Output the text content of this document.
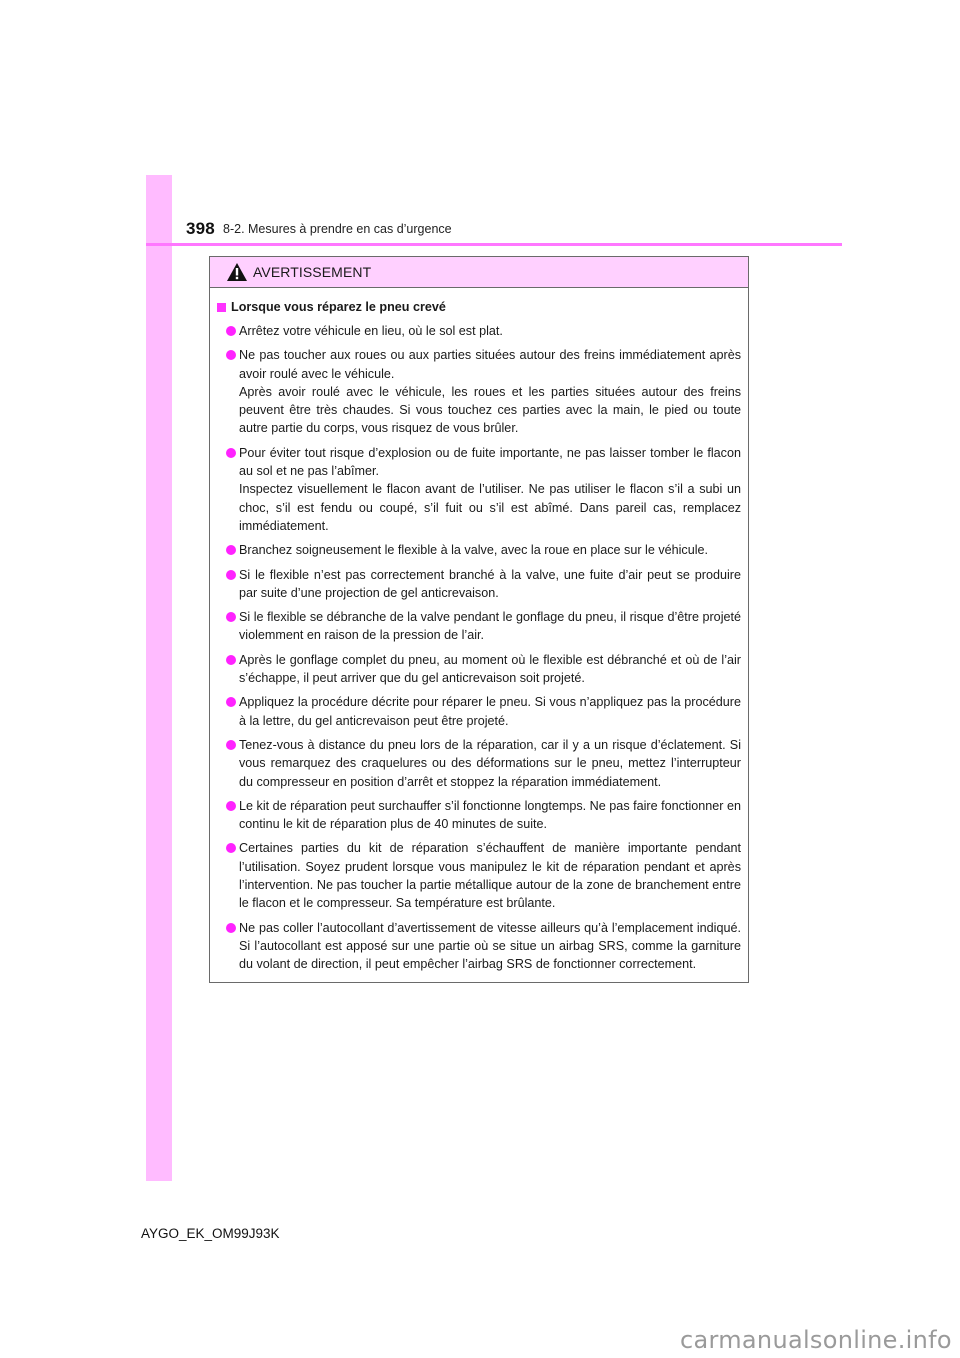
398 8-2. Mesures à prendre en cas d’urgence
AVERTISSEMENT
Lorsque vous réparez le pneu crevé

Arrêtez votre véhicule en lieu, où le sol est plat.

Ne pas toucher aux roues ou aux parties situées autour des freins immédiatement après avoir roulé avec le véhicule.

Après avoir roulé avec le véhicule, les roues et les parties situées autour des freins peuvent être très chaudes. Si vous touchez ces parties avec la main, le pied ou toute autre partie du corps, vous risquez de vous brûler.

Pour éviter tout risque d’explosion ou de fuite importante, ne pas laisser tomber le flacon au sol et ne pas l’abîmer.

Inspectez visuellement le flacon avant de l’utiliser. Ne pas utiliser le flacon s’il a subi un choc, s’il est fendu ou coupé, s’il fuit ou s’il est abîmé. Dans pareil cas, remplacez immédiatement.

Branchez soigneusement le flexible à la valve, avec la roue en place sur le véhicule.

Si le flexible n’est pas correctement branché à la valve, une fuite d’air peut se produire par suite d’une projection de gel anticrevaison.

Si le flexible se débranche de la valve pendant le gonflage du pneu, il risque d’être projeté violemment en raison de la pression de l’air.

Après le gonflage complet du pneu, au moment où le flexible est débranché et où de l’air s’échappe, il peut arriver que du gel anticrevaison soit projeté.

Appliquez la procédure décrite pour réparer le pneu. Si vous n’appliquez pas la procédure à la lettre, du gel anticrevaison peut être projeté.

Tenez-vous à distance du pneu lors de la réparation, car il y a un risque d’éclatement. Si vous remarquez des craquelures ou des déformations sur le pneu, mettez l’interrupteur du compresseur en position d’arrêt et stoppez la réparation immédiatement.

Le kit de réparation peut surchauffer s’il fonctionne longtemps. Ne pas faire fonctionner en continu le kit de réparation plus de 40 minutes de suite.

Certaines parties du kit de réparation s’échauffent de manière importante pendant l’utilisation. Soyez prudent lorsque vous manipulez le kit de réparation pendant et après l’intervention. Ne pas toucher la partie métallique autour de la zone de branchement entre le flacon et le compresseur. Sa température est brûlante.

Ne pas coller l’autocollant d’avertissement de vitesse ailleurs qu’à l’emplacement indiqué. Si l’autocollant est apposé sur une partie où se situe un airbag SRS, comme la garniture du volant de direction, il peut empêcher l’airbag SRS de fonctionner correctement.

AYGO_EK_OM99J93K
carmanualsonline.info
